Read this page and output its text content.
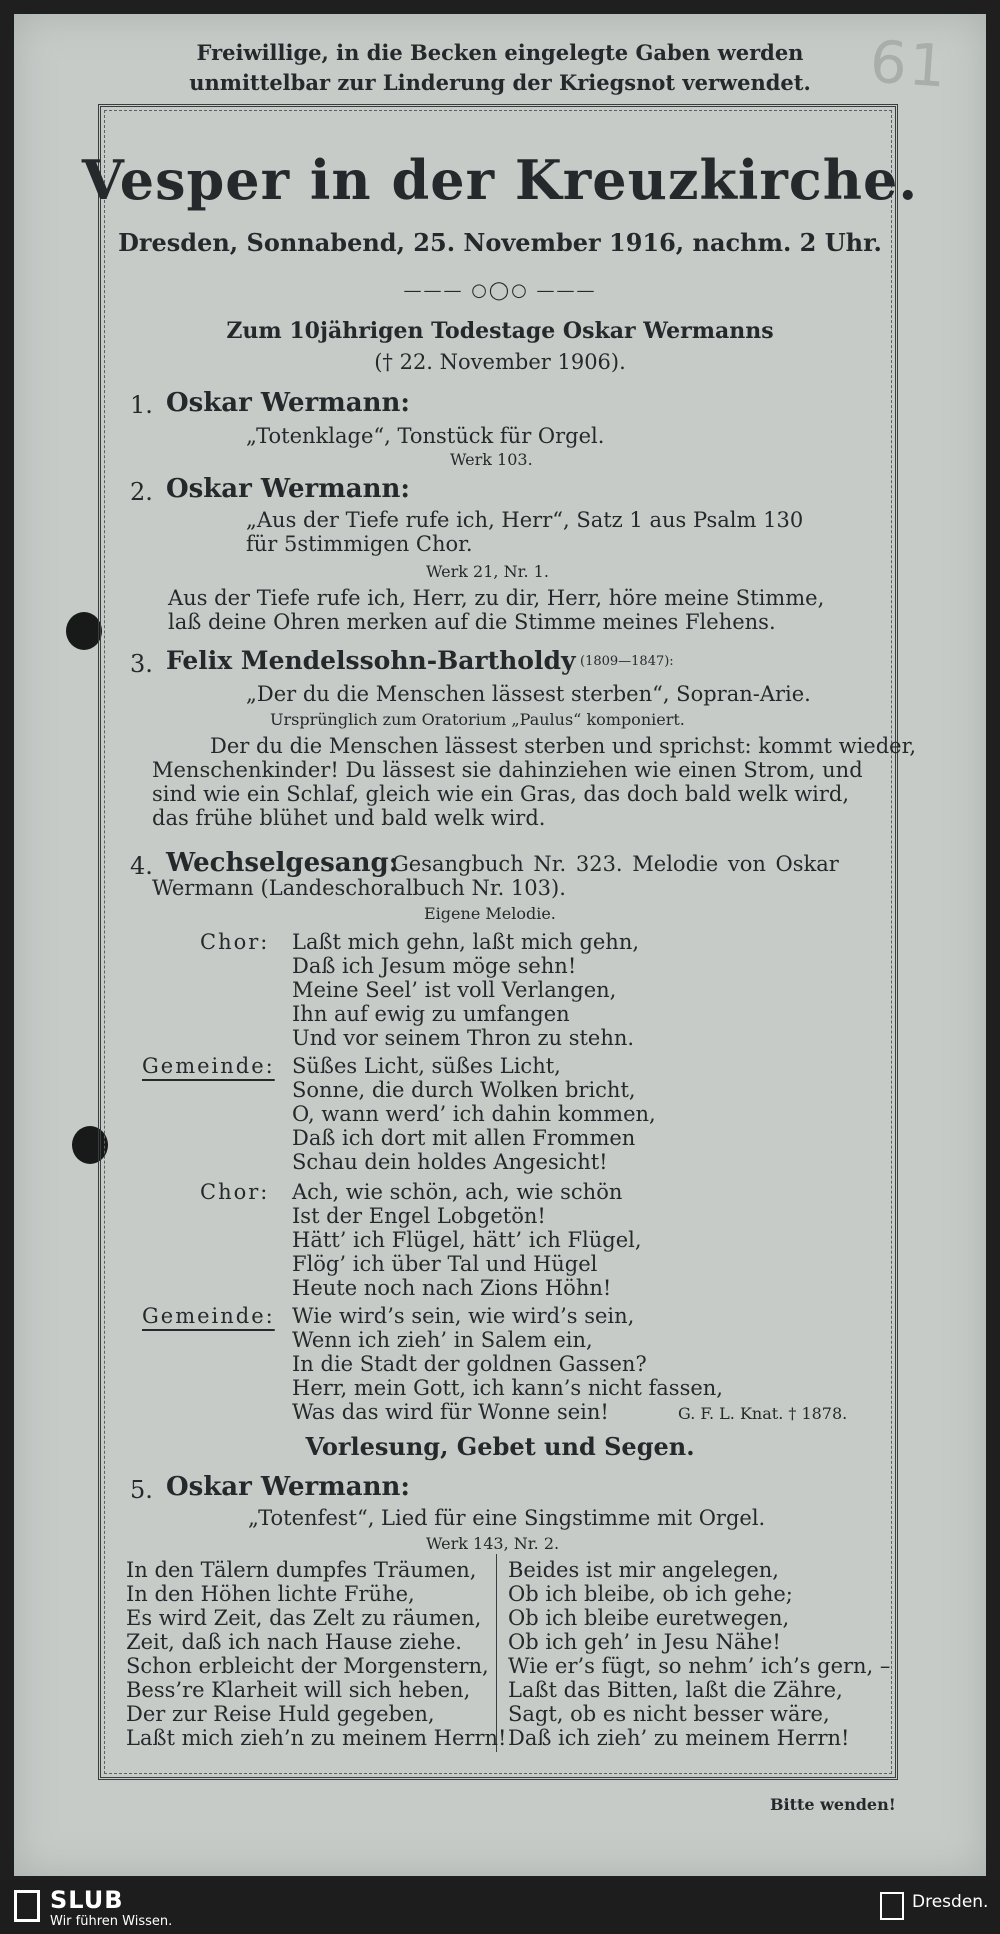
61
Freiwillige, in die Becken eingelegte Gaben werden
unmittelbar zur Linderung der Kriegsnot verwendet.
Vesper in der Kreuzkirche.
Dresden, Sonnabend, 25. November 1916, nachm. 2 Uhr.
——— ○◯○ ———
Zum 10jährigen Todestage Oskar Wermanns
(† 22. November 1906).
1. Oskar Wermann:
„Totenklage“, Tonstück für Orgel.
Werk 103.
2. Oskar Wermann:
„Aus der Tiefe rufe ich, Herr“, Satz 1 aus Psalm 130
für 5stimmigen Chor.
Werk 21, Nr. 1.
Aus der Tiefe rufe ich, Herr, zu dir, Herr, höre meine Stimme,
laß deine Ohren merken auf die Stimme meines Flehens.
3. Felix Mendelssohn-Bartholdy (1809—1847):
„Der du die Menschen lässest sterben“, Sopran-Arie.
Ursprünglich zum Oratorium „Paulus“ komponiert.
Der du die Menschen lässest sterben und sprichst: kommt wieder,
Menschenkinder! Du lässest sie dahinziehen wie einen Strom, und
sind wie ein Schlaf, gleich wie ein Gras, das doch bald welk wird,
das frühe blühet und bald welk wird.
4. Wechselgesang:
Gesangbuch Nr. 323. Melodie von Oskar
Wermann (Landeschoralbuch Nr. 103).
Eigene Melodie.
Chor: Laßt mich gehn, laßt mich gehn,
Daß ich Jesum möge sehn!
Meine Seel’ ist voll Verlangen,
Ihn auf ewig zu umfangen
Und vor seinem Thron zu stehn.
Gemeinde: Süßes Licht, süßes Licht,
Sonne, die durch Wolken bricht,
O, wann werd’ ich dahin kommen,
Daß ich dort mit allen Frommen
Schau dein holdes Angesicht!
Chor: Ach, wie schön, ach, wie schön
Ist der Engel Lobgetön!
Hätt’ ich Flügel, hätt’ ich Flügel,
Flög’ ich über Tal und Hügel
Heute noch nach Zions Höhn!
Gemeinde: Wie wird’s sein, wie wird’s sein,
Wenn ich zieh’ in Salem ein,
In die Stadt der goldnen Gassen?
Herr, mein Gott, ich kann’s nicht fassen,
Was das wird für Wonne sein!	G. F. L. Knat. † 1878.
Vorlesung, Gebet und Segen.
5. Oskar Wermann:
„Totenfest“, Lied für eine Singstimme mit Orgel.
Werk 143, Nr. 2.
In den Tälern dumpfes Träumen,
In den Höhen lichte Frühe,
Es wird Zeit, das Zelt zu räumen,
Zeit, daß ich nach Hause ziehe.
Schon erbleicht der Morgenstern,
Bess’re Klarheit will sich heben,
Der zur Reise Huld gegeben,
Laßt mich zieh’n zu meinem Herrn!
Beides ist mir angelegen,
Ob ich bleibe, ob ich gehe;
Ob ich bleibe euretwegen,
Ob ich geh’ in Jesu Nähe!
Wie er’s fügt, so nehm’ ich’s gern, –
Laßt das Bitten, laßt die Zähre,
Sagt, ob es nicht besser wäre,
Daß ich zieh’ zu meinem Herrn!
Bitte wenden!
SLUB
Wir führen Wissen.
Dresden.
